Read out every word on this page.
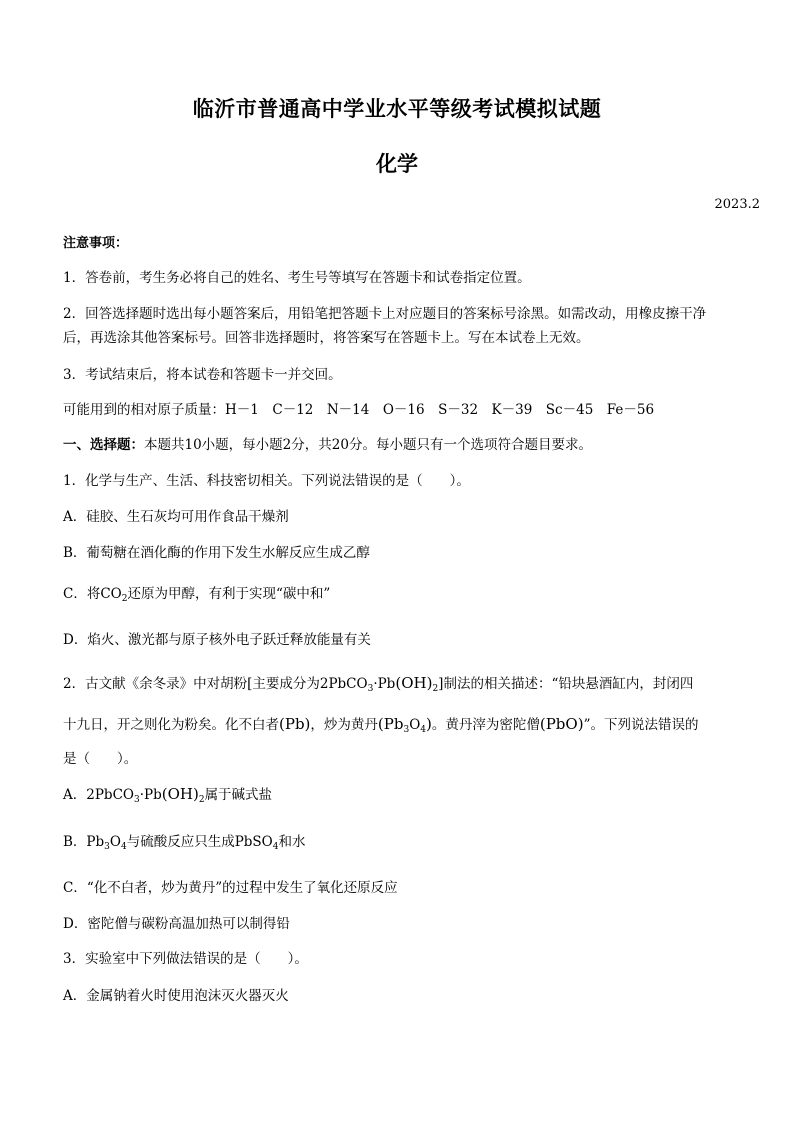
临沂市普通高中学业水平等级考试模拟试题
化学
2023.2
注意事项：
1．答卷前，考生务必将自己的姓名、考生号等填写在答题卡和试卷指定位置。
2．回答选择题时选出每小题答案后，用铅笔把答题卡上对应题目的答案标号涂黑。如需改动，用橡皮擦干净
后，再选涂其他答案标号。回答非选择题时，将答案写在答题卡上。写在本试卷上无效。
3．考试结束后，将本试卷和答题卡一并交回。
可能用到的相对原子质量：H－1　C－12　N－14　O－16　S－32　K－39　Sc－45　Fe－56
一、选择题：本题共10小题，每小题2分，共20分。每小题只有一个选项符合题目要求。
1．化学与生产、生活、科技密切相关。下列说法错误的是（　　）。
A．硅胶、生石灰均可用作食品干燥剂
B．葡萄糖在酒化酶的作用下发生水解反应生成乙醇
C．将$CO_2$还原为甲醇，有利于实现“碳中和”
D．焰火、激光都与原子核外电子跃迁释放能量有关
2．古文献《余冬录》中对胡粉[主要成分为$2PbCO_3\cdot Pb(OH)_2$]制法的相关描述：“铅块悬酒缸内，封闭四
十九日，开之则化为粉矣。化不白者(Pb)，炒为黄丹$(Pb_3O_4)$。黄丹滓为密陀僧(PbO)”。下列说法错误的
是（　　）。
A．$2PbCO_3\cdot Pb(OH)_2$属于碱式盐
B．$Pb_3O_4$与硫酸反应只生成PbSO$_4$和水
C．“化不白者，炒为黄丹”的过程中发生了氧化还原反应
D．密陀僧与碳粉高温加热可以制得铅
3．实验室中下列做法错误的是（　　）。
A．金属钠着火时使用泡沫灭火器灭火
